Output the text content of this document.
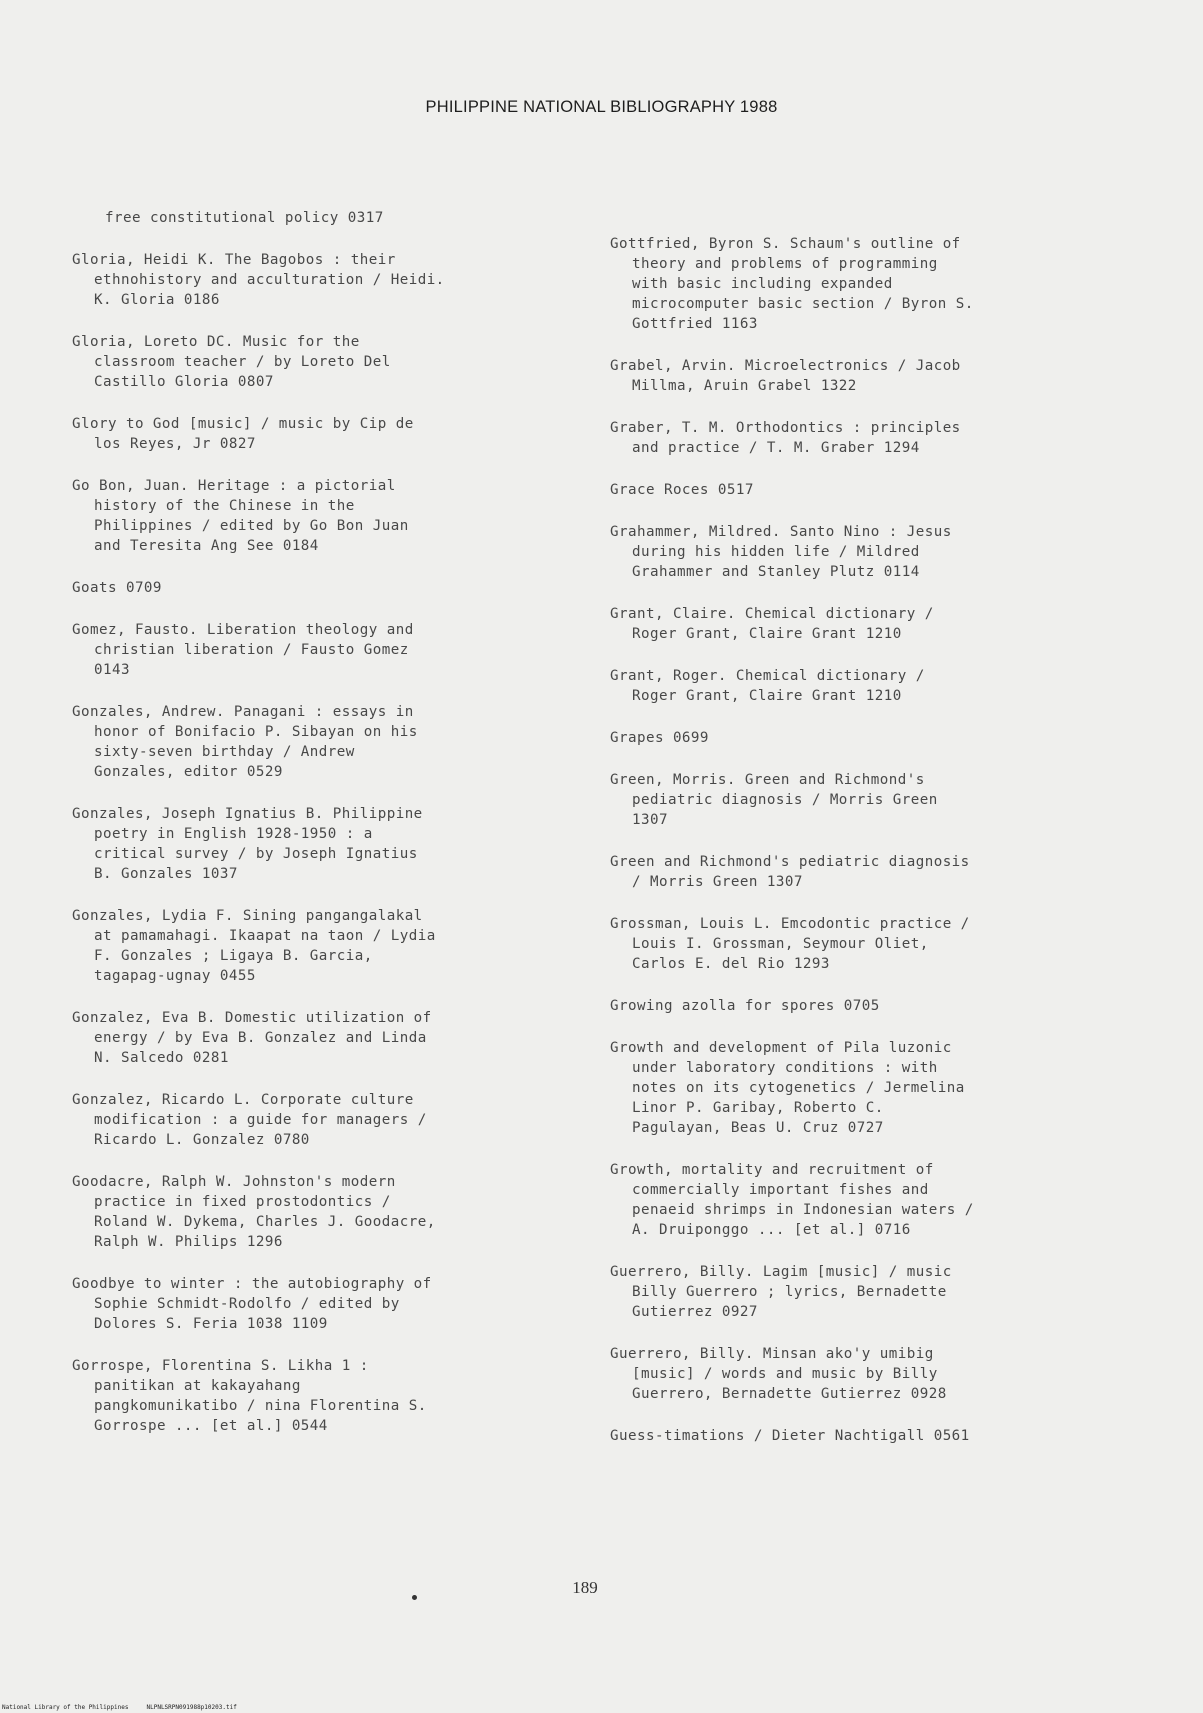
PHILIPPINE NATIONAL BIBLIOGRAPHY 1988

free constitutional policy 0317

Gloria, Heidi K. The Bagobos : their
ethnohistory and acculturation / Heidi.
K. Gloria 0186

Gloria, Loreto DC. Music for the
classroom teacher / by Loreto Del
Castillo Gloria 0807

Glory to God [music] / music by Cip de
los Reyes, Jr 0827

Go Bon, Juan. Heritage : a pictorial
history of the Chinese in the
Philippines / edited by Go Bon Juan
and Teresita Ang See 0184

Goats 0709

Gomez, Fausto. Liberation theology and
christian liberation / Fausto Gomez
0143

Gonzales, Andrew. Panagani : essays in
honor of Bonifacio P. Sibayan on his
sixty-seven birthday / Andrew
Gonzales, editor 0529

Gonzales, Joseph Ignatius B. Philippine
poetry in English 1928-1950 : a
critical survey / by Joseph Ignatius
B. Gonzales 1037

Gonzales, Lydia F. Sining pangangalakal
at pamamahagi. Ikaapat na taon / Lydia
F. Gonzales ; Ligaya B. Garcia,
tagapag-ugnay 0455

Gonzalez, Eva B. Domestic utilization of
energy / by Eva B. Gonzalez and Linda
N. Salcedo 0281

Gonzalez, Ricardo L. Corporate culture
modification : a guide for managers /
Ricardo L. Gonzalez 0780

Goodacre, Ralph W. Johnston's modern
practice in fixed prostodontics /
Roland W. Dykema, Charles J. Goodacre,
Ralph W. Philips 1296

Goodbye to winter : the autobiography of
Sophie Schmidt-Rodolfo / edited by
Dolores S. Feria 1038 1109

Gorrospe, Florentina S. Likha 1 :
panitikan at kakayahang
pangkomunikatibo / nina Florentina S.
Gorrospe ... [et al.] 0544

Gottfried, Byron S. Schaum's outline of
theory and problems of programming
with basic including expanded
microcomputer basic section / Byron S.
Gottfried 1163

Grabel, Arvin. Microelectronics / Jacob
Millma, Aruin Grabel 1322

Graber, T. M. Orthodontics : principles
and practice / T. M. Graber 1294

Grace Roces 0517

Grahammer, Mildred. Santo Nino : Jesus
during his hidden life / Mildred
Grahammer and Stanley Plutz 0114

Grant, Claire. Chemical dictionary /
Roger Grant, Claire Grant 1210

Grant, Roger. Chemical dictionary /
Roger Grant, Claire Grant 1210

Grapes 0699

Green, Morris. Green and Richmond's
pediatric diagnosis / Morris Green
1307

Green and Richmond's pediatric diagnosis
/ Morris Green 1307

Grossman, Louis L. Emcodontic practice /
Louis I. Grossman, Seymour Oliet,
Carlos E. del Rio 1293

Growing azolla for spores 0705

Growth and development of Pila luzonic
under laboratory conditions : with
notes on its cytogenetics / Jermelina
Linor P. Garibay, Roberto C.
Pagulayan, Beas U. Cruz 0727

Growth, mortality and recruitment of
commercially important fishes and
penaeid shrimps in Indonesian waters /
A. Druiponggo ... [et al.] 0716

Guerrero, Billy. Lagim [music] / music
Billy Guerrero ; lyrics, Bernadette
Gutierrez 0927

Guerrero, Billy. Minsan ako'y umibig
[music] / words and music by Billy
Guerrero, Bernadette Gutierrez 0928

Guess-timations / Dieter Nachtigall 0561

189
National Library of the Philippines     NLPNLSRPN091988p10203.tif
